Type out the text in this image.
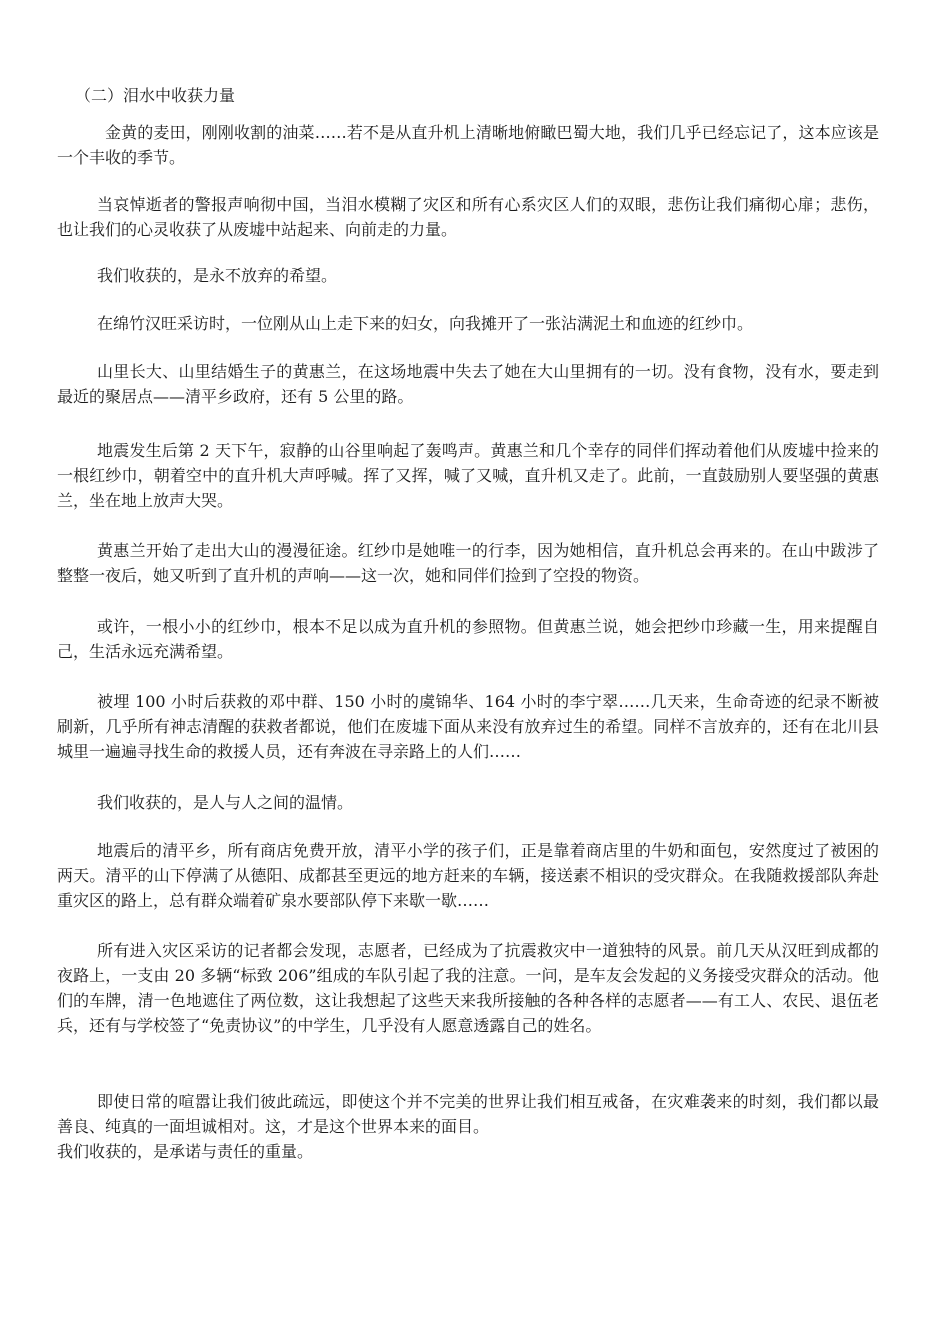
（二）泪水中收获力量

金黄的麦田，刚刚收割的油菜……若不是从直升机上清晰地俯瞰巴蜀大地，我们几乎已经忘记了，这本应该是一个丰收的季节。

当哀悼逝者的警报声响彻中国，当泪水模糊了灾区和所有心系灾区人们的双眼，悲伤让我们痛彻心扉；悲伤，也让我们的心灵收获了从废墟中站起来、向前走的力量。

我们收获的，是永不放弃的希望。

在绵竹汉旺采访时，一位刚从山上走下来的妇女，向我摊开了一张沾满泥土和血迹的红纱巾。

山里长大、山里结婚生子的黄惠兰，在这场地震中失去了她在大山里拥有的一切。没有食物，没有水，要走到最近的聚居点——清平乡政府，还有 5 公里的路。

地震发生后第 2 天下午，寂静的山谷里响起了轰鸣声。黄惠兰和几个幸存的同伴们挥动着他们从废墟中捡来的一根红纱巾，朝着空中的直升机大声呼喊。挥了又挥，喊了又喊，直升机又走了。此前，一直鼓励别人要坚强的黄惠兰，坐在地上放声大哭。

黄惠兰开始了走出大山的漫漫征途。红纱巾是她唯一的行李，因为她相信，直升机总会再来的。在山中跋涉了整整一夜后，她又听到了直升机的声响——这一次，她和同伴们捡到了空投的物资。

或许，一根小小的红纱巾，根本不足以成为直升机的参照物。但黄惠兰说，她会把纱巾珍藏一生，用来提醒自己，生活永远充满希望。

被埋 100 小时后获救的邓中群、150 小时的虞锦华、164 小时的李宁翠……几天来，生命奇迹的纪录不断被刷新，几乎所有神志清醒的获救者都说，他们在废墟下面从来没有放弃过生的希望。同样不言放弃的，还有在北川县城里一遍遍寻找生命的救援人员，还有奔波在寻亲路上的人们……

我们收获的，是人与人之间的温情。

地震后的清平乡，所有商店免费开放，清平小学的孩子们，正是靠着商店里的牛奶和面包，安然度过了被困的两天。清平的山下停满了从德阳、成都甚至更远的地方赶来的车辆，接送素不相识的受灾群众。在我随救援部队奔赴重灾区的路上，总有群众端着矿泉水要部队停下来歇一歇……

所有进入灾区采访的记者都会发现，志愿者，已经成为了抗震救灾中一道独特的风景。前几天从汉旺到成都的夜路上，一支由 20 多辆“标致 206”组成的车队引起了我的注意。一问，是车友会发起的义务接受灾群众的活动。他们的车牌，清一色地遮住了两位数，这让我想起了这些天来我所接触的各种各样的志愿者——有工人、农民、退伍老兵，还有与学校签了“免责协议”的中学生，几乎没有人愿意透露自己的姓名。

即使日常的喧嚣让我们彼此疏远，即使这个并不完美的世界让我们相互戒备，在灾难袭来的时刻，我们都以最善良、纯真的一面坦诚相对。这，才是这个世界本来的面目。

我们收获的，是承诺与责任的重量。
